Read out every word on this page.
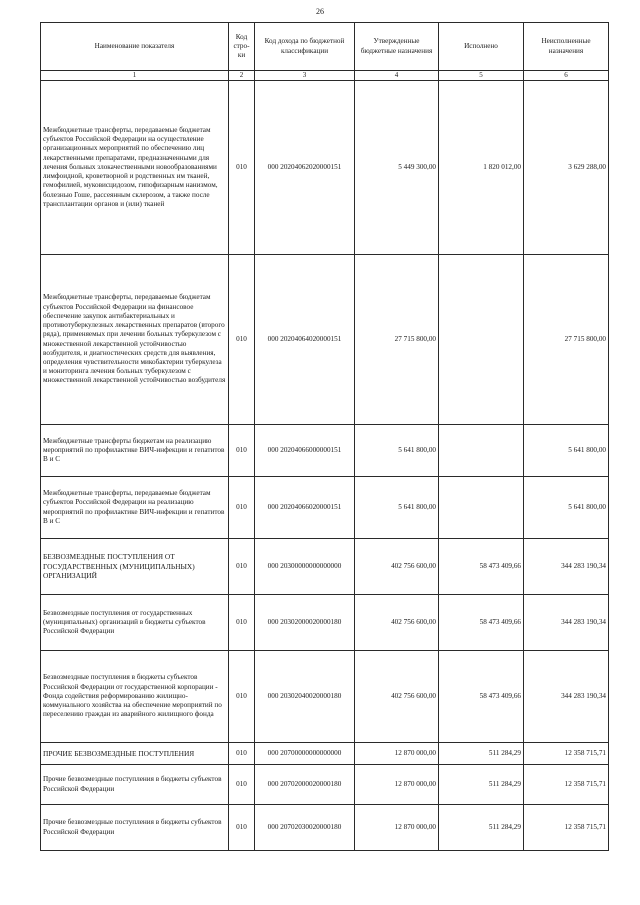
26
Наименование показателя	Код стро-ки	Код дохода по бюджетной классификации	Утвержденные бюджетные назначения	Исполнено	Неисполненные назначения
1	2	3	4	5	6
Межбюджетные трансферты, передаваемые бюджетам субъектов Российской Федерации на осуществление организационных мероприятий по обеспечению лиц лекарственными препаратами, предназначенными для лечения больных злокачественными новообразованиями лимфоидной, кроветворной и родственных им тканей, гемофилией, муковисцидозом, гипофизарным нанизмом, болезнью Гоше, рассеянным склерозом, а также после трансплантации органов и (или) тканей	010	000 20204062020000151	5 449 300,00	1 820 012,00	3 629 288,00
Межбюджетные трансферты, передаваемые бюджетам субъектов Российской Федерации на финансовое обеспечение закупок антибактериальных и противотуберкулезных лекарственных препаратов (второго ряда), применяемых при лечении больных туберкулезом с множественной лекарственной устойчивостью возбудителя, и диагностических средств для выявления, определения чувствительности микобактерии туберкулеза и мониторинга лечения больных туберкулезом с множественной лекарственной устойчивостью возбудителя	010	000 20204064020000151	27 715 800,00		27 715 800,00
Межбюджетные трансферты бюджетам на реализацию мероприятий по профилактике ВИЧ-инфекции и гепатитов B и C	010	000 20204066000000151	5 641 800,00		5 641 800,00
Межбюджетные трансферты, передаваемые бюджетам субъектов Российской Федерации на реализацию мероприятий по профилактике ВИЧ-инфекции и гепатитов B и C	010	000 20204066020000151	5 641 800,00		5 641 800,00
БЕЗВОЗМЕЗДНЫЕ ПОСТУПЛЕНИЯ ОТ ГОСУДАРСТВЕННЫХ (МУНИЦИПАЛЬНЫХ) ОРГАНИЗАЦИЙ	010	000 20300000000000000	402 756 600,00	58 473 409,66	344 283 190,34
Безвозмездные поступления от государственных (муниципальных) организаций в бюджеты субъектов Российской Федерации	010	000 20302000020000180	402 756 600,00	58 473 409,66	344 283 190,34
Безвозмездные поступления в бюджеты субъектов Российской Федерации от государственной корпорации - Фонда содействия реформированию жилищно-коммунального хозяйства на обеспечение мероприятий по переселению граждан из аварийного жилищного фонда	010	000 20302040020000180	402 756 600,00	58 473 409,66	344 283 190,34
ПРОЧИЕ БЕЗВОЗМЕЗДНЫЕ ПОСТУПЛЕНИЯ	010	000 20700000000000000	12 870 000,00	511 284,29	12 358 715,71
Прочие безвозмездные поступления в бюджеты субъектов Российской Федерации	010	000 20702000020000180	12 870 000,00	511 284,29	12 358 715,71
Прочие безвозмездные поступления в бюджеты субъектов Российской Федерации	010	000 20702030020000180	12 870 000,00	511 284,29	12 358 715,71
